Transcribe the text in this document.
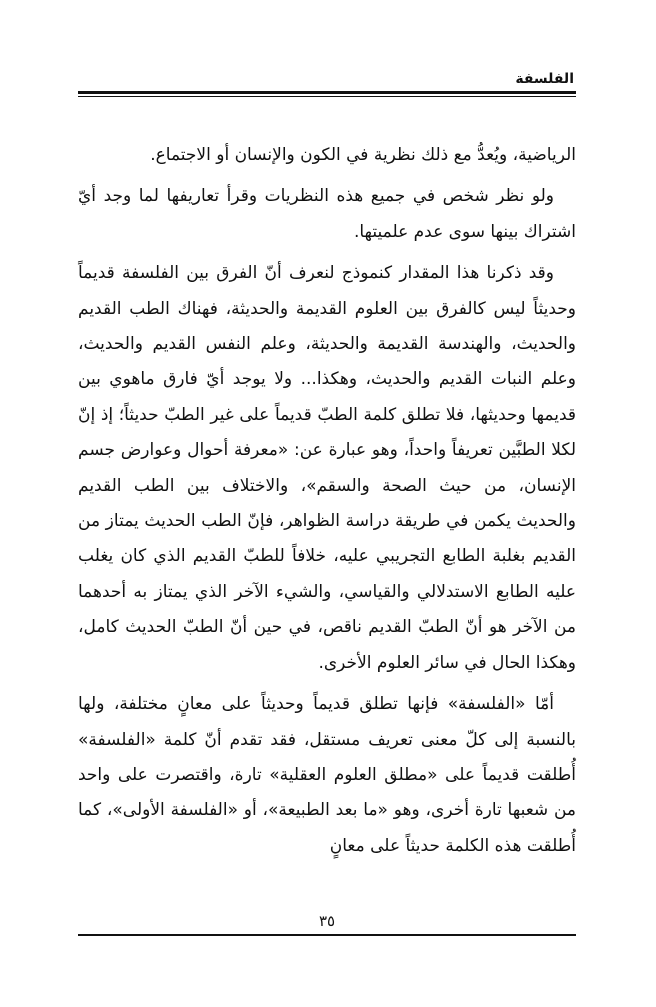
الفلسفة

الرياضية، ويُعدُّ مع ذلك نظرية في الكون والإنسان أو الاجتماع.

ولو نظر شخص في جميع هذه النظريات وقرأ تعاريفها لما وجد أيّ اشتراك بينها سوى عدم علميتها.

وقد ذكرنا هذا المقدار كنموذج لنعرف أنّ الفرق بين الفلسفة قديماً وحديثاً ليس كالفرق بين العلوم القديمة والحديثة، فهناك الطب القديم والحديث، والهندسة القديمة والحديثة، وعلم النفس القديم والحديث، وعلم النبات القديم والحديث، وهكذا... ولا يوجد أيّ فارق ماهوي بين قديمها وحديثها، فلا تطلق كلمة الطبّ قديماً على غير الطبّ حديثاً؛ إذ إنّ لكلا الطبَّين تعريفاً واحداً، وهو عبارة عن: «معرفة أحوال وعوارض جسم الإنسان، من حيث الصحة والسقم»، والاختلاف بين الطب القديم والحديث يكمن في طريقة دراسة الظواهر، فإنّ الطب الحديث يمتاز من القديم بغلبة الطابع التجريبي عليه، خلافاً للطبّ القديم الذي كان يغلب عليه الطابع الاستدلالي والقياسي، والشيء الآخر الذي يمتاز به أحدهما من الآخر هو أنّ الطبّ القديم ناقص، في حين أنّ الطبّ الحديث كامل، وهكذا الحال في سائر العلوم الأخرى.

أمّا «الفلسفة» فإنها تطلق قديماً وحديثاً على معانٍ مختلفة، ولها بالنسبة إلى كلّ معنى تعريف مستقل، فقد تقدم أنّ كلمة «الفلسفة» أُطلقت قديماً على «مطلق العلوم العقلية» تارة، واقتصرت على واحد من شعبها تارة أخرى، وهو «ما بعد الطبيعة»، أو «الفلسفة الأولى»، كما أُطلقت هذه الكلمة حديثاً على معانٍ

٣٥
